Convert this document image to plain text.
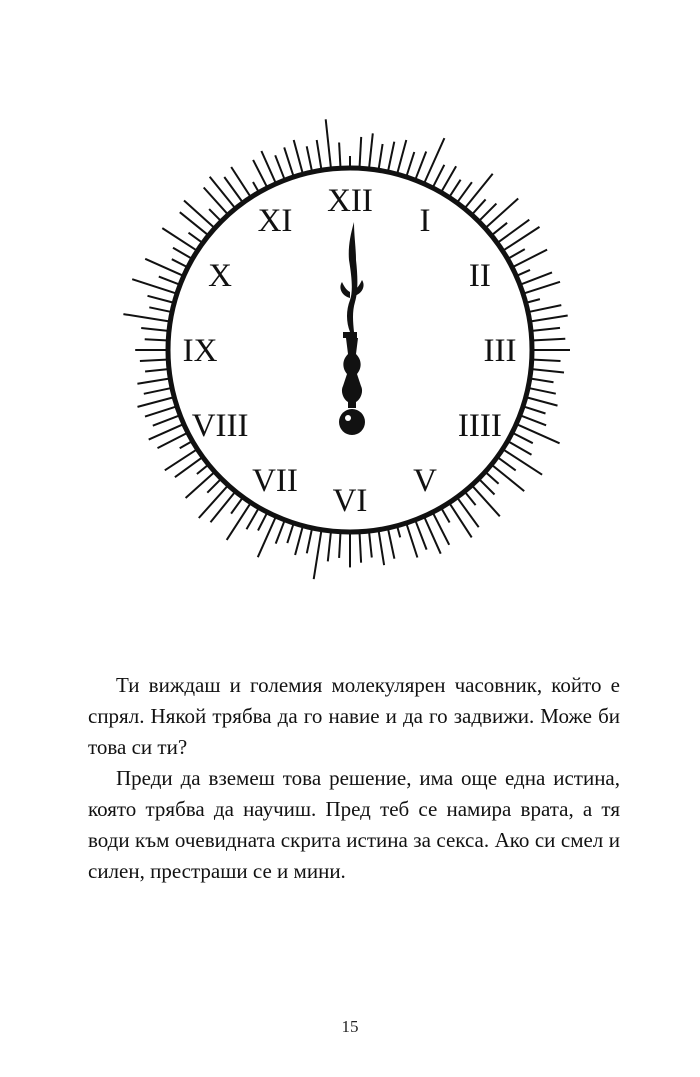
XII
I
II
III
IIII
V
VI
VII
VIII
IX
X
XI

Ти виждаш и големия молекулярен часовник, който е спрял. Някой трябва да го навие и да го задвижи. Може би това си ти?

Преди да вземеш това решение, има още една истина, която трябва да научиш. Пред теб се намира врата, а тя води към очевидната скрита истина за секса. Ако си смел и силен, престраши се и мини.

15
